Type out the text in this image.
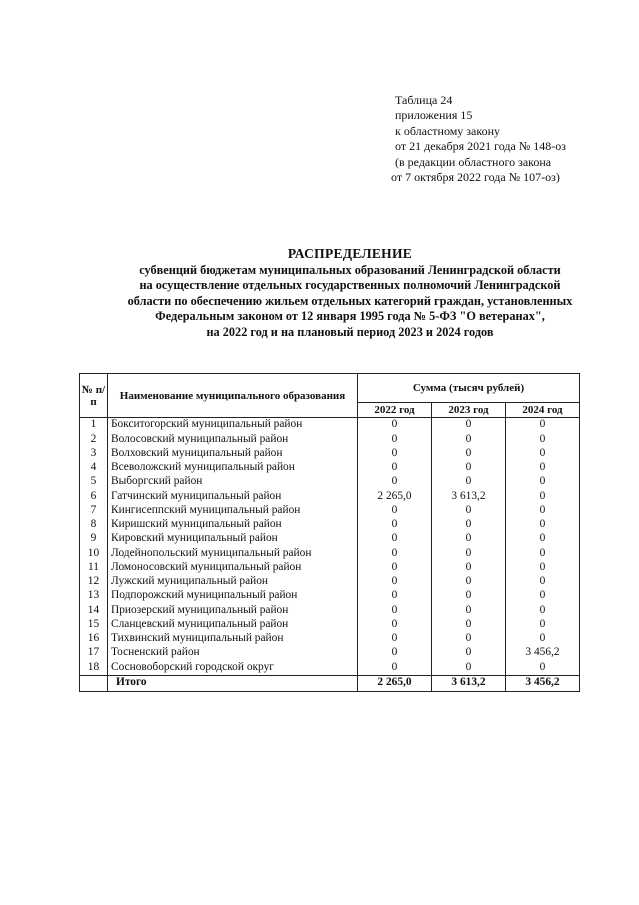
Таблица 24
приложения 15
к областному закону
от 21 декабря 2021 года № 148-оз
(в редакции областного закона
от 7 октября 2022 года № 107-оз)
РАСПРЕДЕЛЕНИЕ
субвенций бюджетам муниципальных образований Ленинградской области
на осуществление отдельных государственных полномочий Ленинградской
области по обеспечению жильем отдельных категорий граждан, установленных
Федеральным законом от 12 января 1995 года № 5-ФЗ "О ветеранах",
на 2022 год и на плановый период 2023 и 2024 годов
№ п/п	Наименование муниципального образования	Сумма (тысяч рублей)		
		2022 год	2023 год	2024 год
1	Бокситогорский муниципальный район	0	0	0
2	Волосовский муниципальный район	0	0	0
3	Волховский муниципальный район	0	0	0
4	Всеволожский муниципальный район	0	0	0
5	Выборгский район	0	0	0
6	Гатчинский муниципальный район	2 265,0	3 613,2	0
7	Кингисеппский муниципальный район	0	0	0
8	Киришский муниципальный район	0	0	0
9	Кировский муниципальный район	0	0	0
10	Лодейнопольский муниципальный район	0	0	0
11	Ломоносовский муниципальный район	0	0	0
12	Лужский муниципальный район	0	0	0
13	Подпорожский муниципальный район	0	0	0
14	Приозерский муниципальный район	0	0	0
15	Сланцевский муниципальный район	0	0	0
16	Тихвинский муниципальный район	0	0	0
17	Тосненский район	0	0	3 456,2
18	Сосновоборский городской округ	0	0	0
	Итого	2 265,0	3 613,2	3 456,2
